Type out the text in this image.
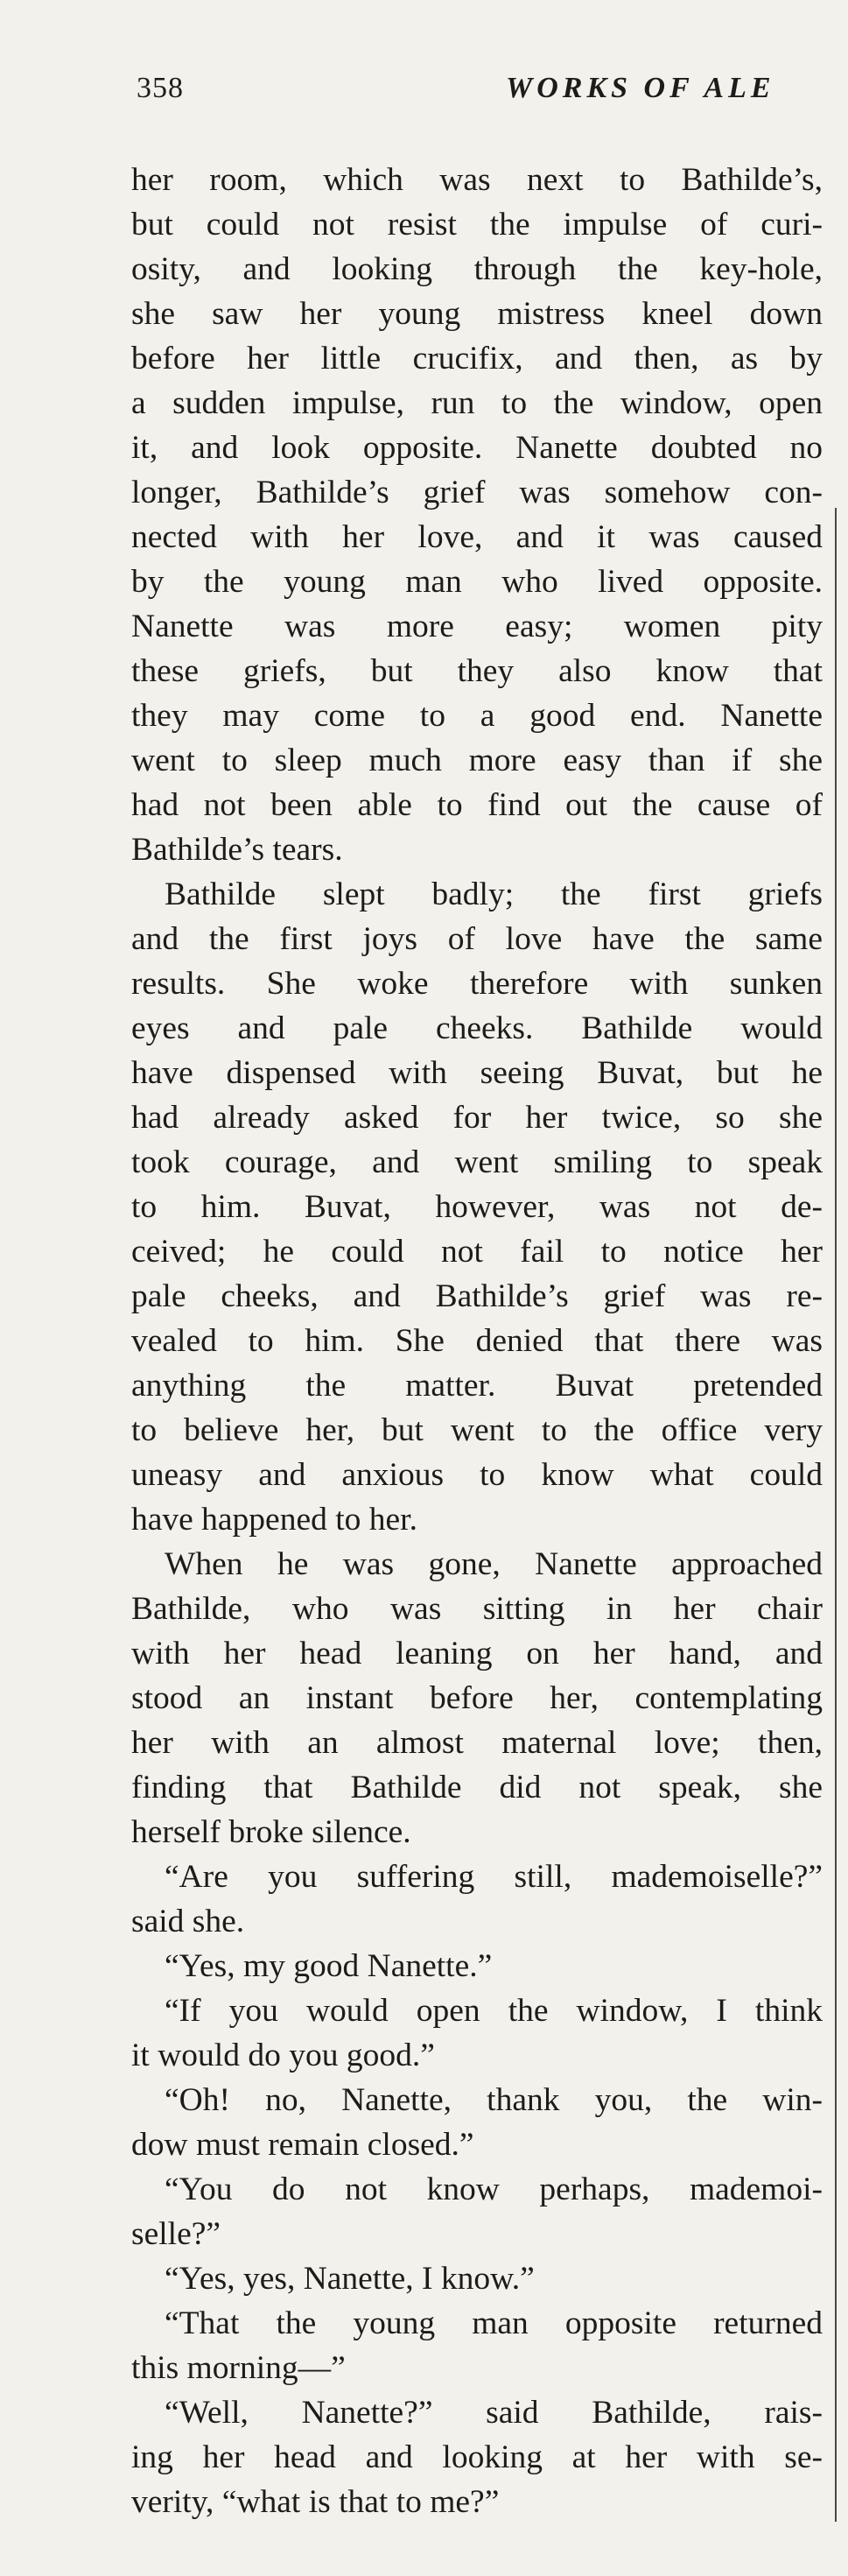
358	WORKS OF ALE
her room, which was next to Bathilde’s,
but could not resist the impulse of curi-
osity, and looking through the key-hole,
she saw her young mistress kneel down
before her little crucifix, and then, as by
a sudden impulse, run to the window, open
it, and look opposite. Nanette doubted no
longer, Bathilde’s grief was somehow con-
nected with her love, and it was caused
by the young man who lived opposite.
Nanette was more easy; women pity
these griefs, but they also know that
they may come to a good end. Nanette
went to sleep much more easy than if she
had not been able to find out the cause of
Bathilde’s tears.
Bathilde slept badly; the first griefs
and the first joys of love have the same
results. She woke therefore with sunken
eyes and pale cheeks. Bathilde would
have dispensed with seeing Buvat, but he
had already asked for her twice, so she
took courage, and went smiling to speak
to him. Buvat, however, was not de-
ceived; he could not fail to notice her
pale cheeks, and Bathilde’s grief was re-
vealed to him. She denied that there was
anything the matter. Buvat pretended
to believe her, but went to the office very
uneasy and anxious to know what could
have happened to her.
When he was gone, Nanette approached
Bathilde, who was sitting in her chair
with her head leaning on her hand, and
stood an instant before her, contemplating
her with an almost maternal love; then,
finding that Bathilde did not speak, she
herself broke silence.
“Are you suffering still, mademoiselle?”
said she.
“Yes, my good Nanette.”
“If you would open the window, I think
it would do you good.”
“Oh! no, Nanette, thank you, the win-
dow must remain closed.”
“You do not know perhaps, mademoi-
selle?”
“Yes, yes, Nanette, I know.”
“That the young man opposite returned
this morning—”
“Well, Nanette?” said Bathilde, rais-
ing her head and looking at her with se-
verity, “what is that to me?”
